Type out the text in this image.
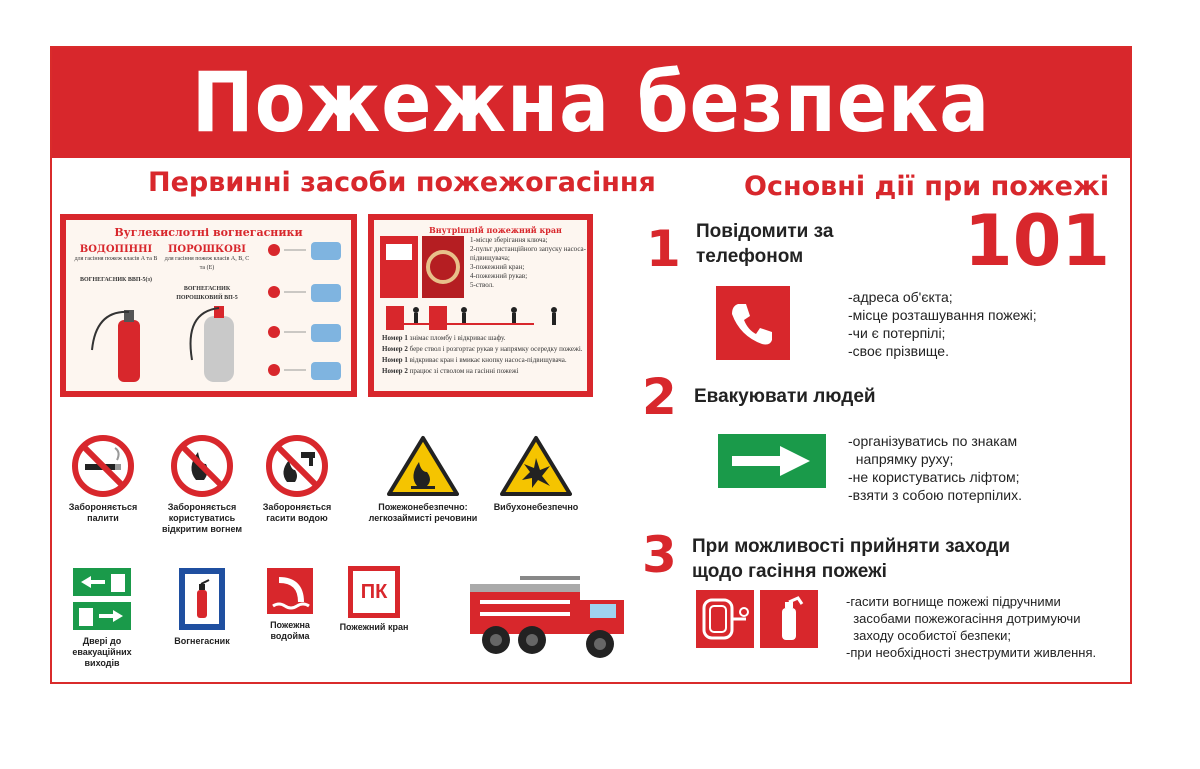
Пожежна безпека
Первинні засоби пожежогасіння
Вуглекислотні вогнегасники
ВОДОПІННІ
для гасіння пожеж класів А та В
ВОГНЕГАСНИК ВВП-5(з)
ПОРОШКОВІ
для гасіння пожеж класів А, В, С та (Е)
ВОГНЕГАСНИК ПОРОШКОВИЙ ВП-5
Внутрішній пожежний кран
1-місце зберігання ключа;
2-пульт дистанційного запуску насоса-підвищувача;
3-пожежний кран;
4-пожежний рукав;
5-ствол.
Номер 1 знімає пломбу і відкриває шафу.
Номер 2 бере ствол і розгортає рукав у напрямку осередку пожежі.
Номер 1 відкриває кран і вмикає кнопку насоса-підвищувача.
Номер 2 працює зі стволом на гасінні пожежі
Забороняється палити
Забороняється користуватись відкритим вогнем
Забороняється гасити водою
Пожежонебезпечно: легкозаймисті речовини
Вибухонебезпечно
Двері до евакуаційних виходів
Вогнегасник
Пожежна водойма
ПК
Пожежний кран
Основні дії при пожежі
101
1 Повідомити за телефоном
-адреса об'єкта;
-місце розташування пожежі;
-чи є потерпілі;
-своє прізвище.
2 Евакуювати людей
-організуватись по знакам
напрямку руху;
-не користуватись ліфтом;
-взяти з собою потерпілих.
3 При можливості прийняти заходи щодо гасіння пожежі
-гасити вогнище пожежі підручними
засобами пожежогасіння дотримуючи
заходу особистої безпеки;
-при необхідності знеструмити живлення.
